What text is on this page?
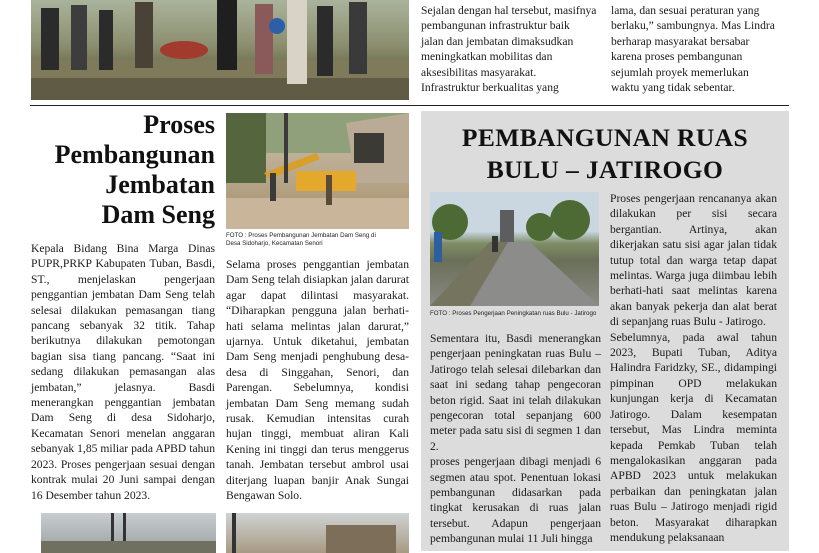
Sejalan dengan hal tersebut, masifnya
pembangunan infrastruktur baik
jalan dan jembatan dimaksudkan
meningkatkan mobilitas dan
aksesibilitas masyarakat.
Infrastruktur berkualitas yang
lama, dan sesuai peraturan yang
berlaku,” sambungnya. Mas Lindra
berharap masyarakat bersabar
karena proses pembangunan
sejumlah proyek memerlukan
waktu yang tidak sebentar.
Proses
Pembangunan
Jembatan
Dam Seng
FOTO : Proses Pembangunan Jembatan Dam Seng di Desa Sidoharjo, Kecamatan Senori

Kepala Bidang Bina Marga Dinas PUPR,PRKP Kabupaten Tuban, Basdi, ST., menjelaskan pengerjaan penggantian jembatan Dam Seng telah selesai dilakukan pemasangan tiang pancang sebanyak 32 titik. Tahap berikutnya dilakukan pemotongan bagian sisa tiang pancang. “Saat ini sedang dilakukan pemasangan alas jembatan,” jelasnya. Basdi menerangkan penggantian jembatan Dam Seng di desa Sidoharjo, Kecamatan Senori menelan anggaran sebanyak 1,85 miliar pada APBD tahun 2023. Proses pengerjaan sesuai dengan kontrak mulai 20 Juni sampai dengan 16 Desember tahun 2023.

Selama proses penggantian jembatan Dam Seng telah disiapkan jalan darurat agar dapat dilintasi masyarakat. “Diharapkan pengguna jalan berhati-hati selama melintas jalan darurat,” ujarnya. Untuk diketahui, jembatan Dam Seng menjadi penghubung desa-desa di Singgahan, Senori, dan Parengan. Sebelumnya, kondisi jembatan Dam Seng memang sudah rusak. Kemudian intensitas curah hujan tinggi, membuat aliran Kali Kening ini tinggi dan terus menggerus tanah. Jembatan tersebut ambrol usai diterjang luapan banjir Anak Sungai Bengawan Solo.

PEMBANGUNAN RUAS
BULU – JATIROGO
FOTO : Proses Pengerjaan Peningkatan ruas Bulu - Jatirogo

Proses pengerjaan rencananya akan dilakukan per sisi secara bergantian. Artinya, akan dikerjakan satu sisi agar jalan tidak tutup total dan warga tetap dapat melintas. Warga juga diimbau lebih berhati-hati saat melintas karena akan banyak pekerja dan alat berat di sepanjang ruas Bulu - Jatirogo.

Sebelumnya, pada awal tahun 2023, Bupati Tuban, Aditya Halindra Faridzky, SE., didampingi pimpinan OPD melakukan kunjungan kerja di Kecamatan Jatirogo. Dalam kesempatan tersebut, Mas Lindra meminta kepada Pemkab Tuban telah mengalokasikan anggaran pada APBD 2023 untuk melakukan perbaikan dan peningkatan jalan ruas Bulu – Jatirogo menjadi rigid beton. Masyarakat diharapkan mendukung pelaksanaan

Sementara itu, Basdi menerangkan pengerjaan peningkatan ruas Bulu – Jatirogo telah selesai dilebarkan dan saat ini sedang tahap pengecoran beton rigid. Saat ini telah dilakukan pengecoran total sepanjang 600 meter pada satu sisi di segmen 1 dan 2.

proses pengerjaan dibagi menjadi 6 segmen atau spot. Penentuan lokasi pembangunan didasarkan pada tingkat kerusakan di ruas jalan tersebut. Adapun pengerjaan pembangunan mulai 11 Juli hingga
